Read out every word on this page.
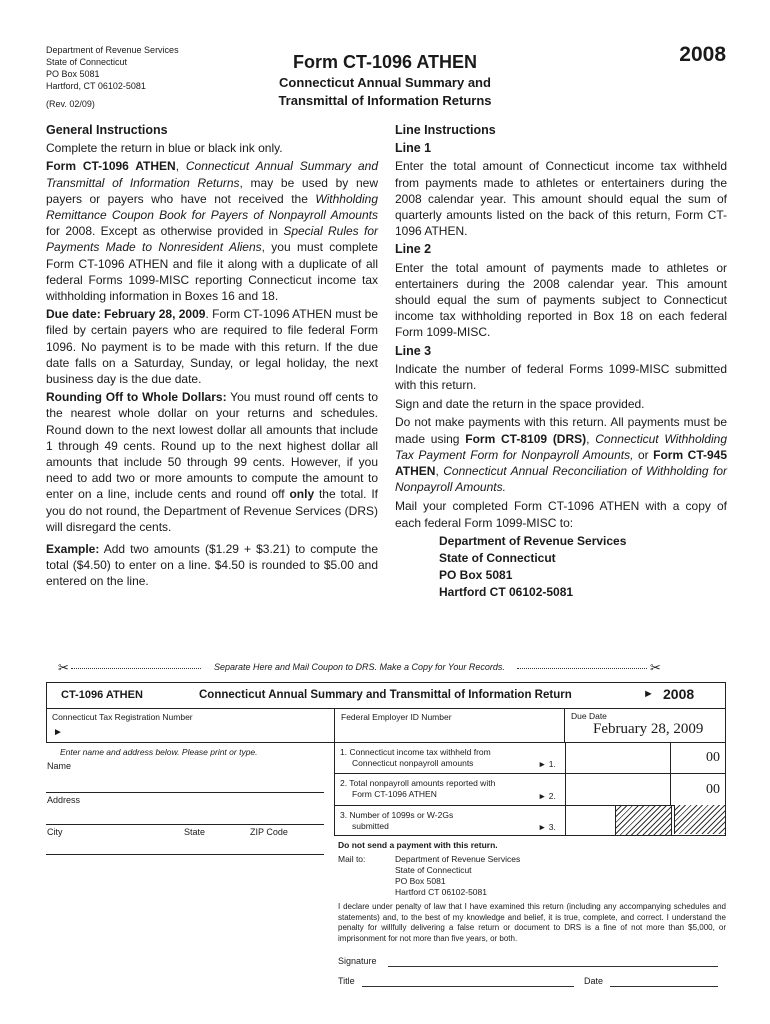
Department of Revenue Services
State of Connecticut
PO Box 5081
Hartford, CT 06102-5081
(Rev. 02/09)
Form CT-1096 ATHEN
Connecticut Annual Summary and
Transmittal of Information Returns
2008
General Instructions

Complete the return in blue or black ink only.

Form CT-1096 ATHEN, Connecticut Annual Summary and Transmittal of Information Returns, may be used by new payers or payers who have not received the Withholding Remittance Coupon Book for Payers of Nonpayroll Amounts for 2008. Except as otherwise provided in Special Rules for Payments Made to Nonresident Aliens, you must complete Form CT-1096 ATHEN and file it along with a duplicate of all federal Forms 1099-MISC reporting Connecticut income tax withholding information in Boxes 16 and 18.

Due date: February 28, 2009. Form CT-1096 ATHEN must be filed by certain payers who are required to file federal Form 1096. No payment is to be made with this return. If the due date falls on a Saturday, Sunday, or legal holiday, the next business day is the due date.

Rounding Off to Whole Dollars: You must round off cents to the nearest whole dollar on your returns and schedules. Round down to the next lowest dollar all amounts that include 1 through 49 cents. Round up to the next highest dollar all amounts that include 50 through 99 cents. However, if you need to add two or more amounts to compute the amount to enter on a line, include cents and round off only the total. If you do not round, the Department of Revenue Services (DRS) will disregard the cents.

Example: Add two amounts ($1.29 + $3.21) to compute the total ($4.50) to enter on a line. $4.50 is rounded to $5.00 and entered on the line.

Line Instructions
Line 1

Enter the total amount of Connecticut income tax withheld from payments made to athletes or entertainers during the 2008 calendar year. This amount should equal the sum of quarterly amounts listed on the back of this return, Form CT-1096 ATHEN.

Line 2

Enter the total amount of payments made to athletes or entertainers during the 2008 calendar year. This amount should equal the sum of payments subject to Connecticut income tax withholding reported in Box 18 on each federal Form 1099-MISC.

Line 3

Indicate the number of federal Forms 1099-MISC submitted with this return.

Sign and date the return in the space provided.

Do not make payments with this return. All payments must be made using Form CT-8109 (DRS), Connecticut Withholding Tax Payment Form for Nonpayroll Amounts, or Form CT-945 ATHEN, Connecticut Annual Reconciliation of Withholding for Nonpayroll Amounts.

Mail your completed Form CT-1096 ATHEN with a copy of each federal Form 1099-MISC to:

Department of Revenue Services
State of Connecticut
PO Box 5081
Hartford CT 06102-5081
✂	Separate Here and Mail Coupon to DRS. Make a Copy for Your Records.	✂
CT-1096 ATHEN	Connecticut Annual Summary and Transmittal of Information Return	► 2008
Connecticut Tax Registration Number
►
Federal Employer ID Number	Due Date
February 28, 2009
Enter name and address below. Please print or type.
Name
Address
City	State	ZIP Code
1. Connecticut income tax withheld from
Connecticut nonpayroll amounts	► 1.	00
2. Total nonpayroll amounts reported with
Form CT-1096 ATHEN	► 2.	00
3. Number of 1099s or W-2Gs
submitted	► 3.
Do not send a payment with this return.
Mail to:	Department of Revenue Services
State of Connecticut
PO Box 5081
Hartford CT 06102-5081
I declare under penalty of law that I have examined this return (including any accompanying schedules and statements) and, to the best of my knowledge and belief, it is true, complete, and correct. I understand the penalty for willfully delivering a false return or document to DRS is a fine of not more than $5,000, or imprisonment for not more than five years, or both.
Signature
Title	Date
